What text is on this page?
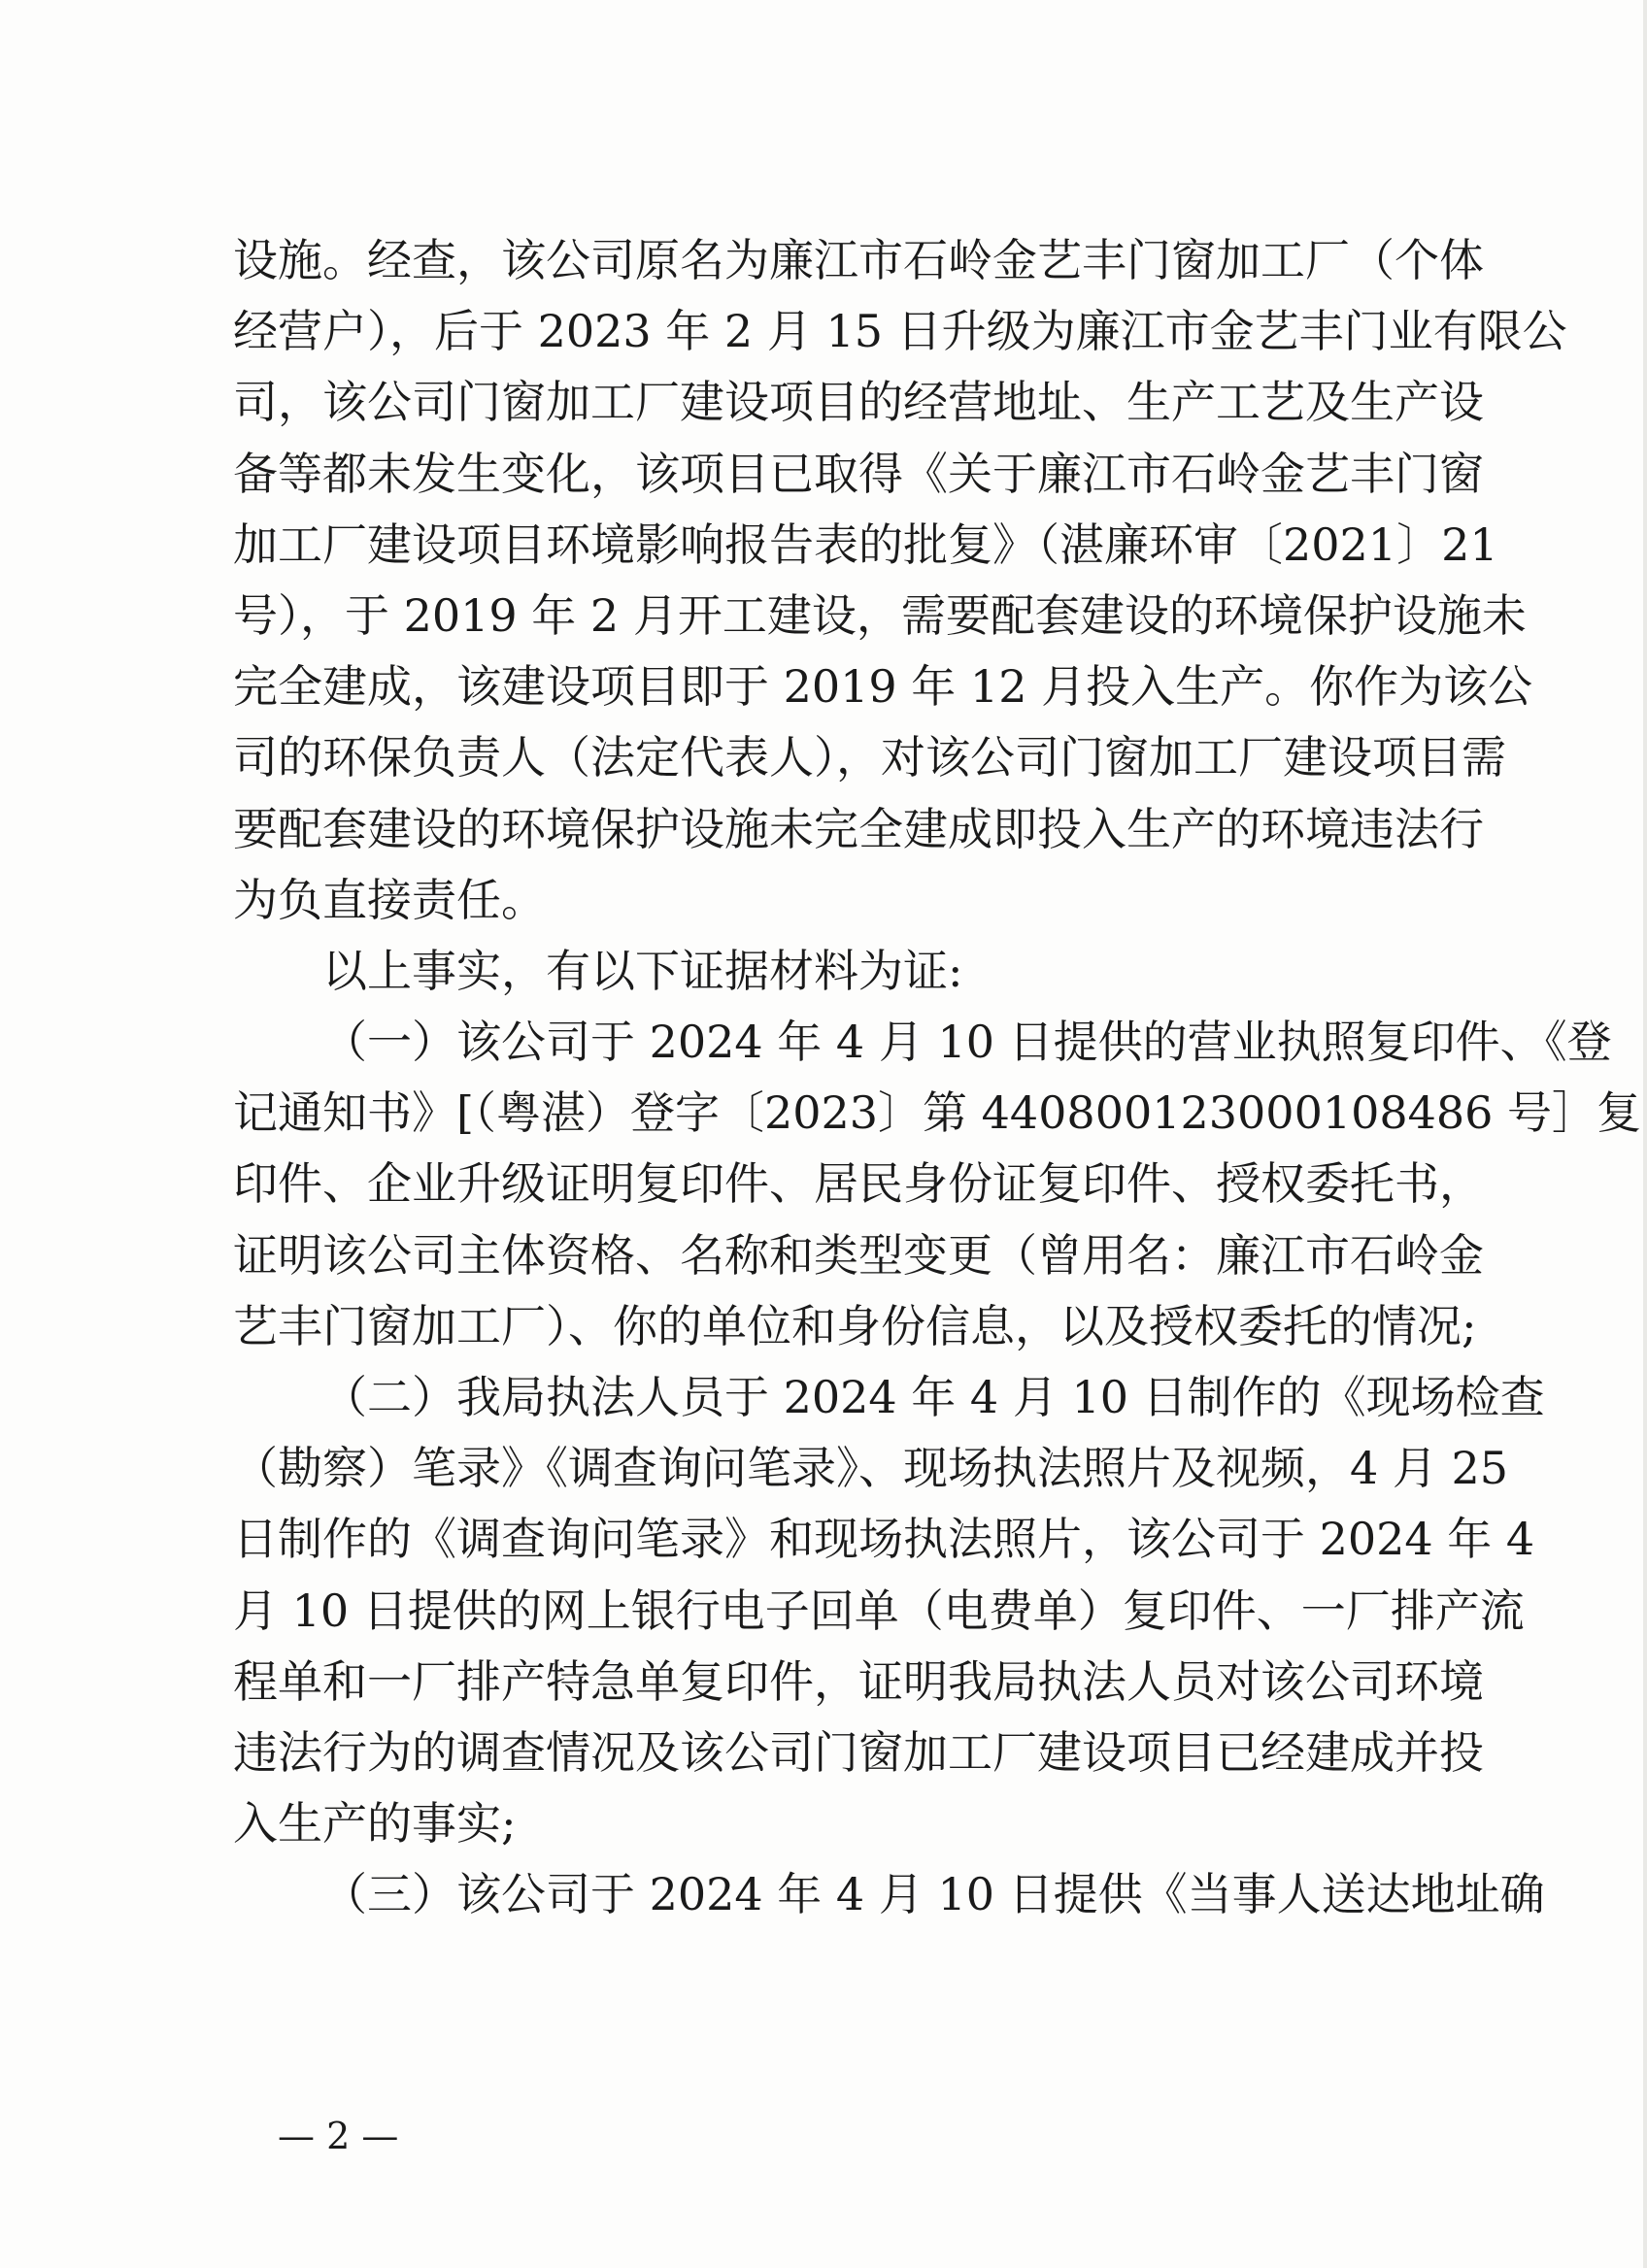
设施。经查，该公司原名为廉江市石岭金艺丰门窗加工厂（个体
经营户），后于 2023 年 2 月 15 日升级为廉江市金艺丰门业有限公
司，该公司门窗加工厂建设项目的经营地址、生产工艺及生产设
备等都未发生变化，该项目已取得《关于廉江市石岭金艺丰门窗
加工厂建设项目环境影响报告表的批复》（湛廉环审〔2021〕21
号），于 2019 年 2 月开工建设，需要配套建设的环境保护设施未
完全建成，该建设项目即于 2019 年 12 月投入生产。你作为该公
司的环保负责人（法定代表人），对该公司门窗加工厂建设项目需
要配套建设的环境保护设施未完全建成即投入生产的环境违法行
为负直接责任。
以上事实，有以下证据材料为证:
（一）该公司于 2024 年 4 月 10 日提供的营业执照复印件、《登
记通知书》[（粤湛）登字〔2023〕第 440800123000108486 号］复
印件、企业升级证明复印件、居民身份证复印件、授权委托书，
证明该公司主体资格、名称和类型变更（曾用名：廉江市石岭金
艺丰门窗加工厂）、你的单位和身份信息，以及授权委托的情况;
（二）我局执法人员于 2024 年 4 月 10 日制作的《现场检查
（勘察）笔录》《调查询问笔录》、现场执法照片及视频，4 月 25
日制作的《调查询问笔录》和现场执法照片，该公司于 2024 年 4
月 10 日提供的网上银行电子回单（电费单）复印件、一厂排产流
程单和一厂排产特急单复印件，证明我局执法人员对该公司环境
违法行为的调查情况及该公司门窗加工厂建设项目已经建成并投
入生产的事实;
（三）该公司于 2024 年 4 月 10 日提供《当事人送达地址确
— 2 —
